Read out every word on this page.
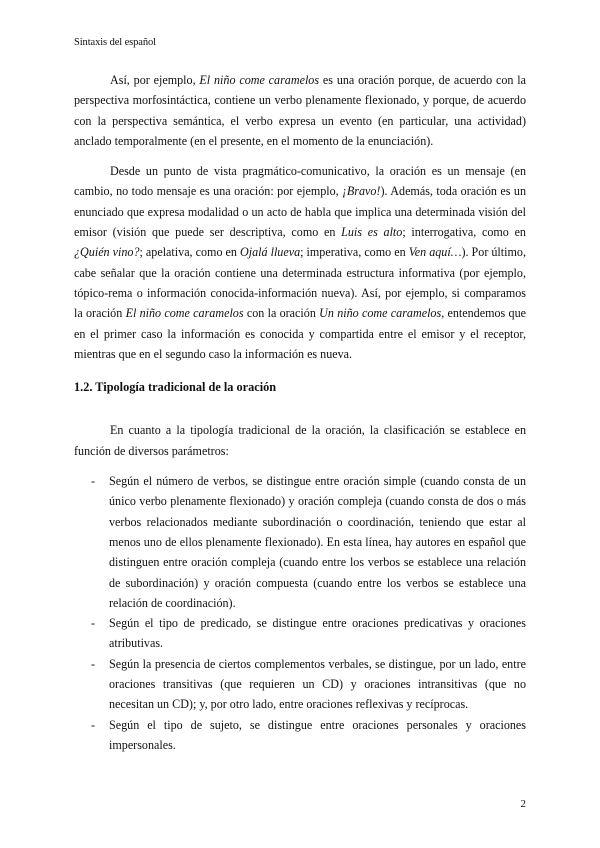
Sintaxis del español

Así, por ejemplo, El niño come caramelos es una oración porque, de acuerdo con la perspectiva morfosintáctica, contiene un verbo plenamente flexionado, y porque, de acuerdo con la perspectiva semántica, el verbo expresa un evento (en particular, una actividad) anclado temporalmente (en el presente, en el momento de la enunciación).

Desde un punto de vista pragmático-comunicativo, la oración es un mensaje (en cambio, no todo mensaje es una oración: por ejemplo, ¡Bravo!). Además, toda oración es un enunciado que expresa modalidad o un acto de habla que implica una determinada visión del emisor (visión que puede ser descriptiva, como en Luis es alto; interrogativa, como en ¿Quién vino?; apelativa, como en Ojalá llueva; imperativa, como en Ven aquí…). Por último, cabe señalar que la oración contiene una determinada estructura informativa (por ejemplo, tópico-rema o información conocida-información nueva). Así, por ejemplo, si comparamos la oración El niño come caramelos con la oración Un niño come caramelos, entendemos que en el primer caso la información es conocida y compartida entre el emisor y el receptor, mientras que en el segundo caso la información es nueva.

1.2. Tipología tradicional de la oración

En cuanto a la tipología tradicional de la oración, la clasificación se establece en función de diversos parámetros:

- Según el número de verbos, se distingue entre oración simple (cuando consta de un único verbo plenamente flexionado) y oración compleja (cuando consta de dos o más verbos relacionados mediante subordinación o coordinación, teniendo que estar al menos uno de ellos plenamente flexionado). En esta línea, hay autores en español que distinguen entre oración compleja (cuando entre los verbos se establece una relación de subordinación) y oración compuesta (cuando entre los verbos se establece una relación de coordinación).
- Según el tipo de predicado, se distingue entre oraciones predicativas y oraciones atributivas.
- Según la presencia de ciertos complementos verbales, se distingue, por un lado, entre oraciones transitivas (que requieren un CD) y oraciones intransitivas (que no necesitan un CD); y, por otro lado, entre oraciones reflexivas y recíprocas.
- Según el tipo de sujeto, se distingue entre oraciones personales y oraciones impersonales.
2
